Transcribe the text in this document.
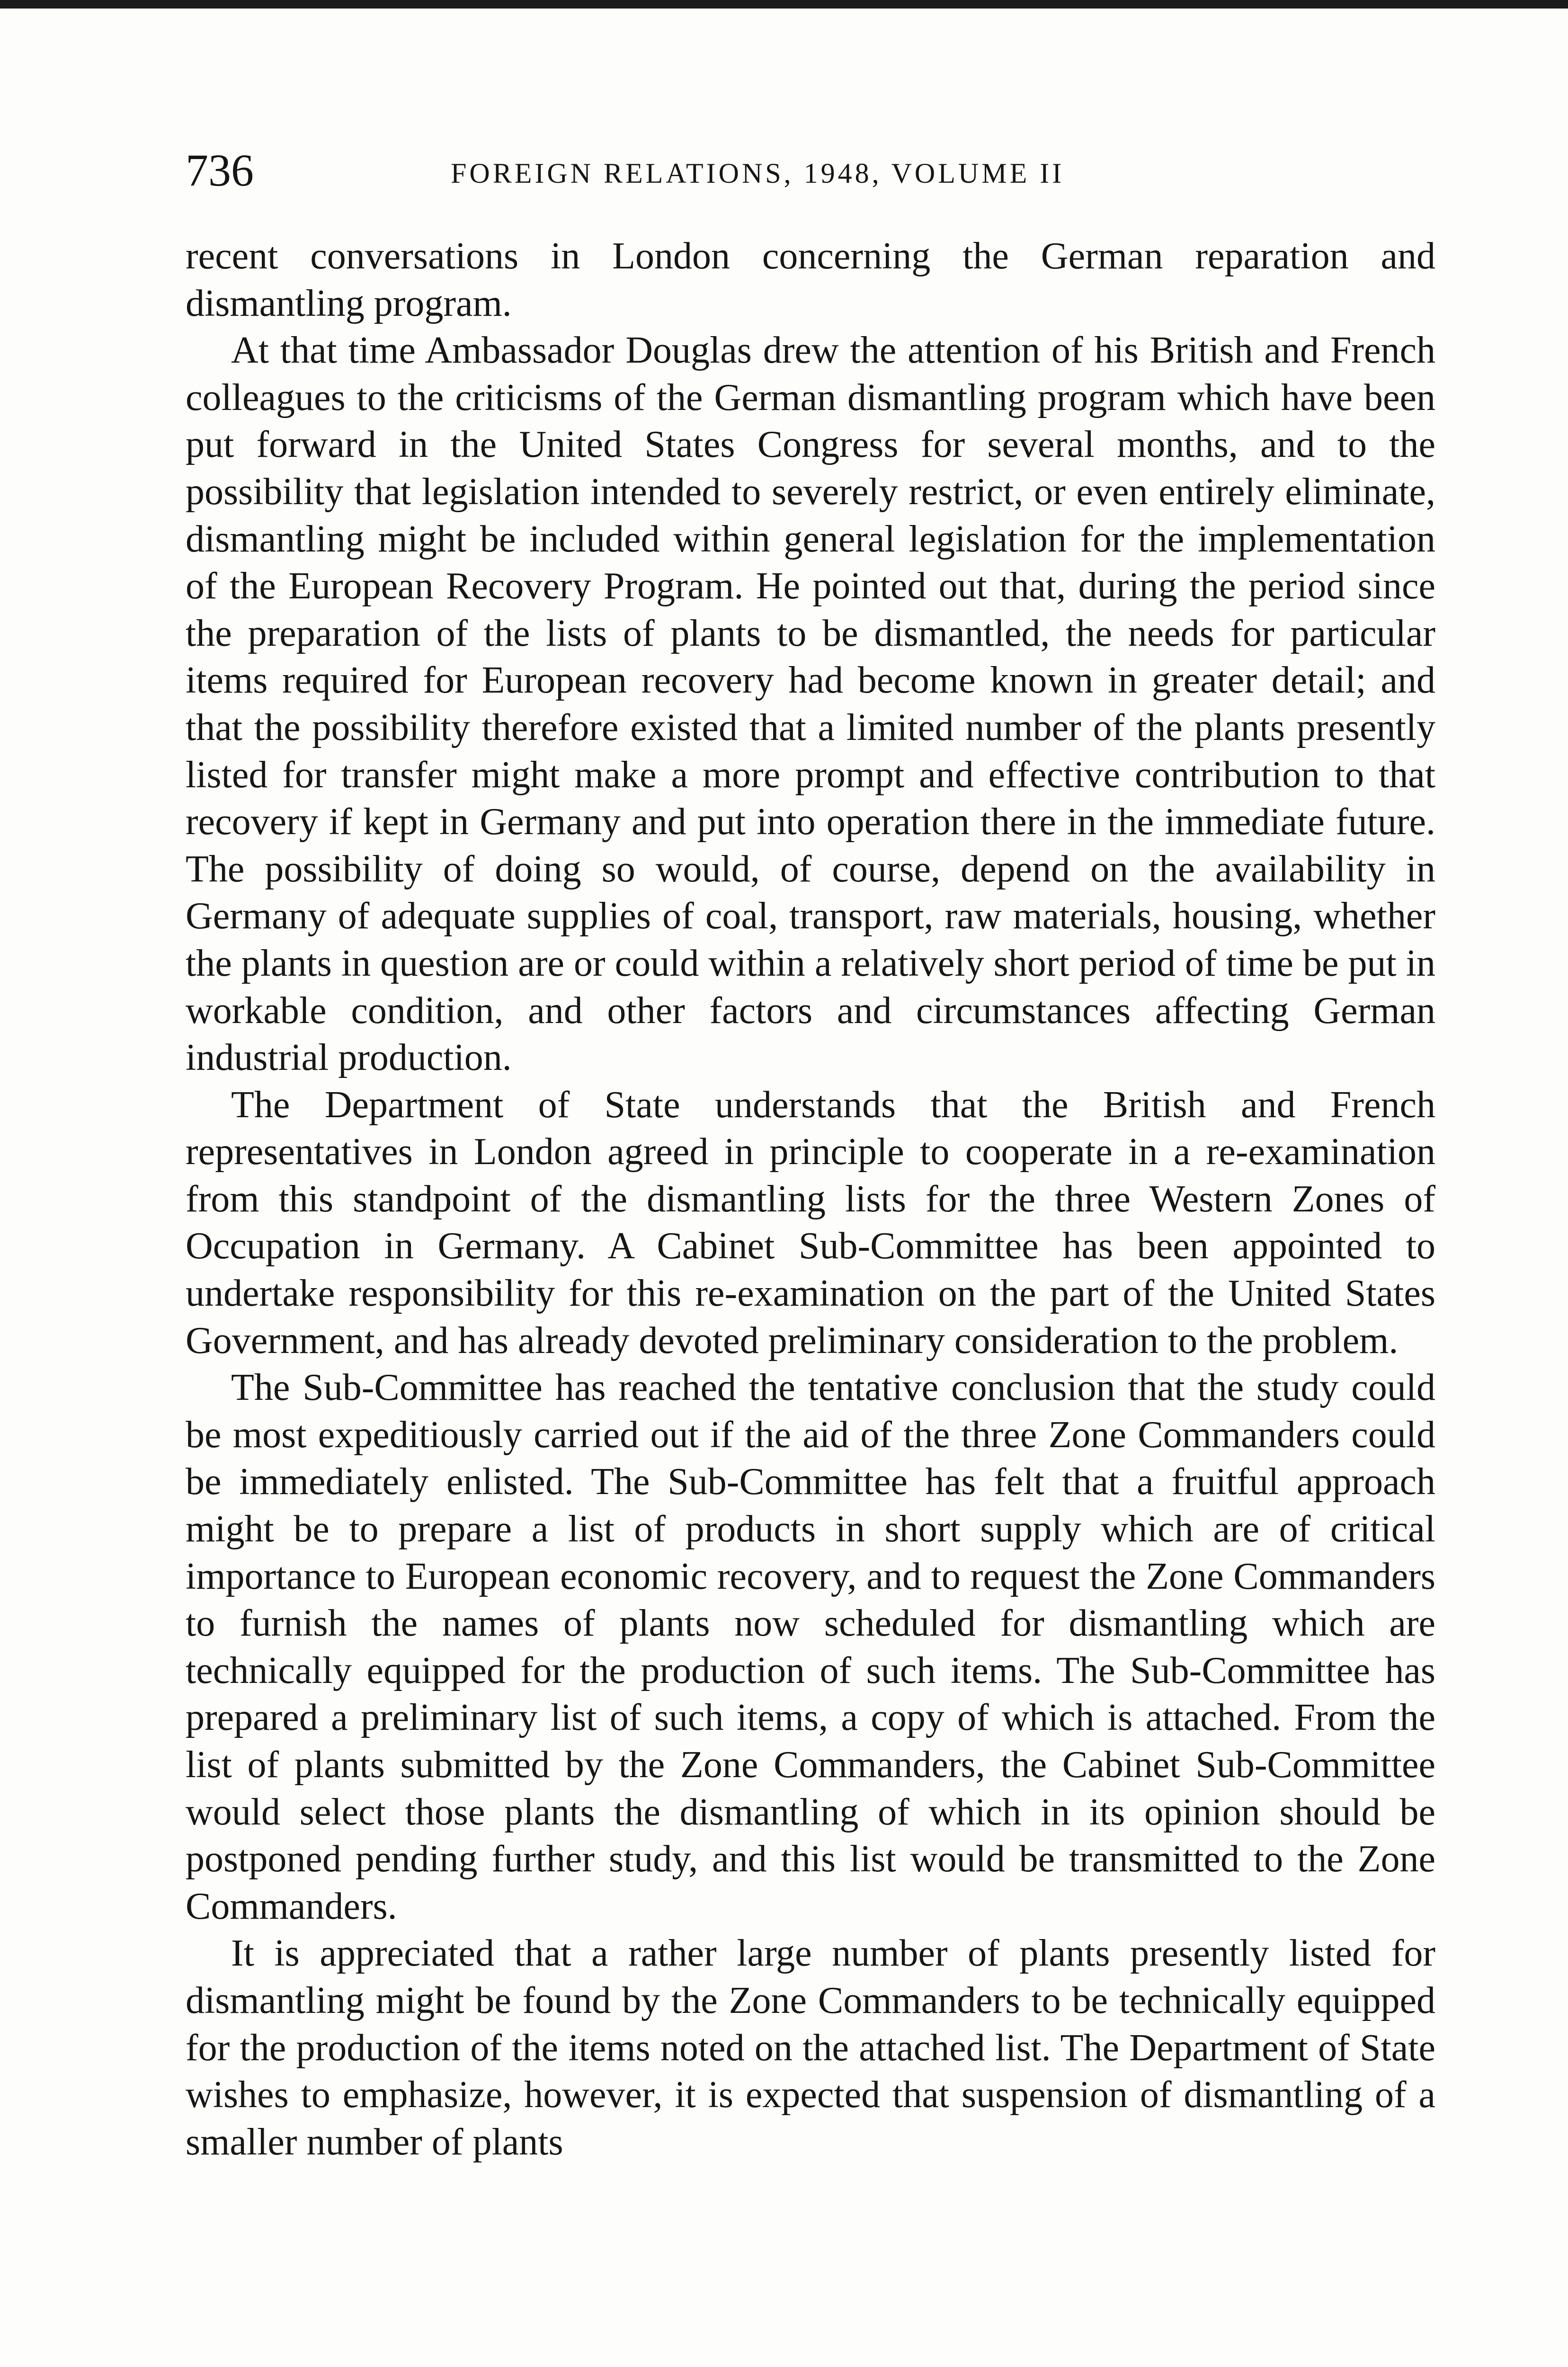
736	FOREIGN RELATIONS, 1948, VOLUME II

recent conversations in London concerning the German reparation and dismantling program.

At that time Ambassador Douglas drew the attention of his British and French colleagues to the criticisms of the German dismantling program which have been put forward in the United States Congress for several months, and to the possibility that legislation intended to severely restrict, or even entirely eliminate, dismantling might be included within general legislation for the implementation of the European Recovery Program. He pointed out that, during the period since the preparation of the lists of plants to be dismantled, the needs for particular items required for European recovery had become known in greater detail; and that the possibility therefore existed that a limited number of the plants presently listed for transfer might make a more prompt and effective contribution to that recovery if kept in Germany and put into operation there in the immediate future. The possibility of doing so would, of course, depend on the availability in Germany of adequate supplies of coal, transport, raw materials, housing, whether the plants in question are or could within a relatively short period of time be put in workable condition, and other factors and circumstances affecting German industrial production.

The Department of State understands that the British and French representatives in London agreed in principle to cooperate in a re-examination from this standpoint of the dismantling lists for the three Western Zones of Occupation in Germany. A Cabinet Sub-Committee has been appointed to undertake responsibility for this re-examination on the part of the United States Government, and has already devoted preliminary consideration to the problem.

The Sub-Committee has reached the tentative conclusion that the study could be most expeditiously carried out if the aid of the three Zone Commanders could be immediately enlisted. The Sub-Committee has felt that a fruitful approach might be to prepare a list of products in short supply which are of critical importance to European economic recovery, and to request the Zone Commanders to furnish the names of plants now scheduled for dismantling which are technically equipped for the production of such items. The Sub-Committee has prepared a preliminary list of such items, a copy of which is attached. From the list of plants submitted by the Zone Commanders, the Cabinet Sub-Committee would select those plants the dismantling of which in its opinion should be postponed pending further study, and this list would be transmitted to the Zone Commanders.

It is appreciated that a rather large number of plants presently listed for dismantling might be found by the Zone Commanders to be technically equipped for the production of the items noted on the attached list. The Department of State wishes to emphasize, however, it is expected that suspension of dismantling of a smaller number of plants
